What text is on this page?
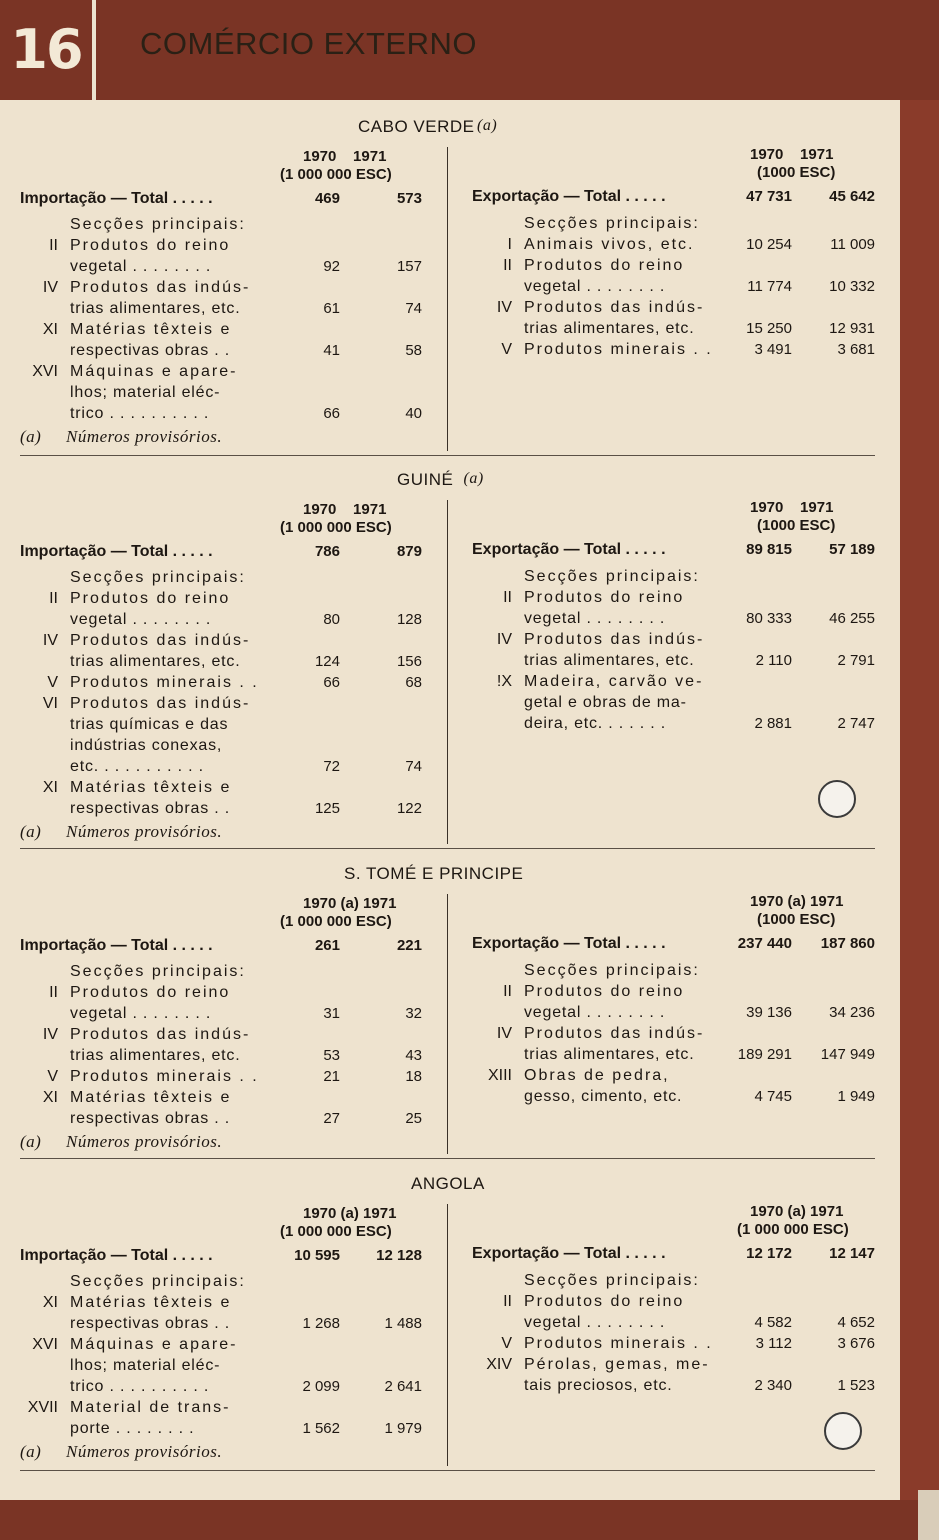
16	COMÉRCIO EXTERNO
CABO VERDE (a)
1970    1971
(1 000 000 ESC)
Importação — Total . . . . .	469	573
Secções principais:
II Produtos do reino
vegetal . . . . . . . .	92	157
IV Produtos das indús-
trias alimentares, etc.	61	74
XI Matérias têxteis e
respectivas obras . .	41	58
XVI Máquinas e apare-
lhos; material eléc-
trico . . . . . . . . . .	66	40
(a) Números provisórios.
1970    1971
(1000 ESC)
Exportação — Total . . . . .	47 731	45 642
Secções principais:
I Animais vivos, etc.	10 254	11 009
II Produtos do reino
vegetal . . . . . . . .	11 774	10 332
IV Produtos das indús-
trias alimentares, etc.	15 250	12 931
V Produtos minerais . .	3 491	3 681
GUINÉ (a)
1970    1971
(1 000 000 ESC)
Importação — Total . . . . .	786	879
Secções principais:
II Produtos do reino
vegetal . . . . . . . .	80	128
IV Produtos das indús-
trias alimentares, etc.	124	156
V Produtos minerais . .	66	68
VI Produtos das indús-
trias químicas e das
indústrias conexas,
etc. . . . . . . . . . .	72	74
XI Matérias têxteis e
respectivas obras . .	125	122
(a) Números provisórios.
1970    1971
(1000 ESC)
Exportação — Total . . . . .	89 815	57 189
Secções principais:
II Produtos do reino
vegetal . . . . . . . .	80 333	46 255
IV Produtos das indús-
trias alimentares, etc.	2 110	2 791
!X Madeira, carvão ve-
getal e obras de ma-
deira, etc. . . . . . .	2 881	2 747
S. TOMÉ E PRINCIPE
1970 (a) 1971
(1 000 000 ESC)
Importação — Total . . . . .	261	221
Secções principais:
II Produtos do reino
vegetal . . . . . . . .	31	32
IV Produtos das indús-
trias alimentares, etc.	53	43
V Produtos minerais . .	21	18
XI Matérias têxteis e
respectivas obras . .	27	25
(a) Números provisórios.
1970 (a) 1971
(1000 ESC)
Exportação — Total . . . . .	237 440	187 860
Secções principais:
II Produtos do reino
vegetal . . . . . . . .	39 136	34 236
IV Produtos das indús-
trias alimentares, etc.	189 291	147 949
XIII Obras de pedra,
gesso, cimento, etc.	4 745	1 949
ANGOLA
1970 (a) 1971
(1 000 000 ESC)
Importação — Total . . . . .	10 595	12 128
Secções principais:
XI Matérias têxteis e
respectivas obras . .	1 268	1 488
XVI Máquinas e apare-
lhos; material eléc-
trico . . . . . . . . . .	2 099	2 641
XVII Material de trans-
porte . . . . . . . .	1 562	1 979
(a) Números provisórios.
1970 (a) 1971
(1 000 000 ESC)
Exportação — Total . . . . .	12 172	12 147
Secções principais:
II Produtos do reino
vegetal . . . . . . . .	4 582	4 652
V Produtos minerais . .	3 112	3 676
XIV Pérolas, gemas, me-
tais preciosos, etc.	2 340	1 523
